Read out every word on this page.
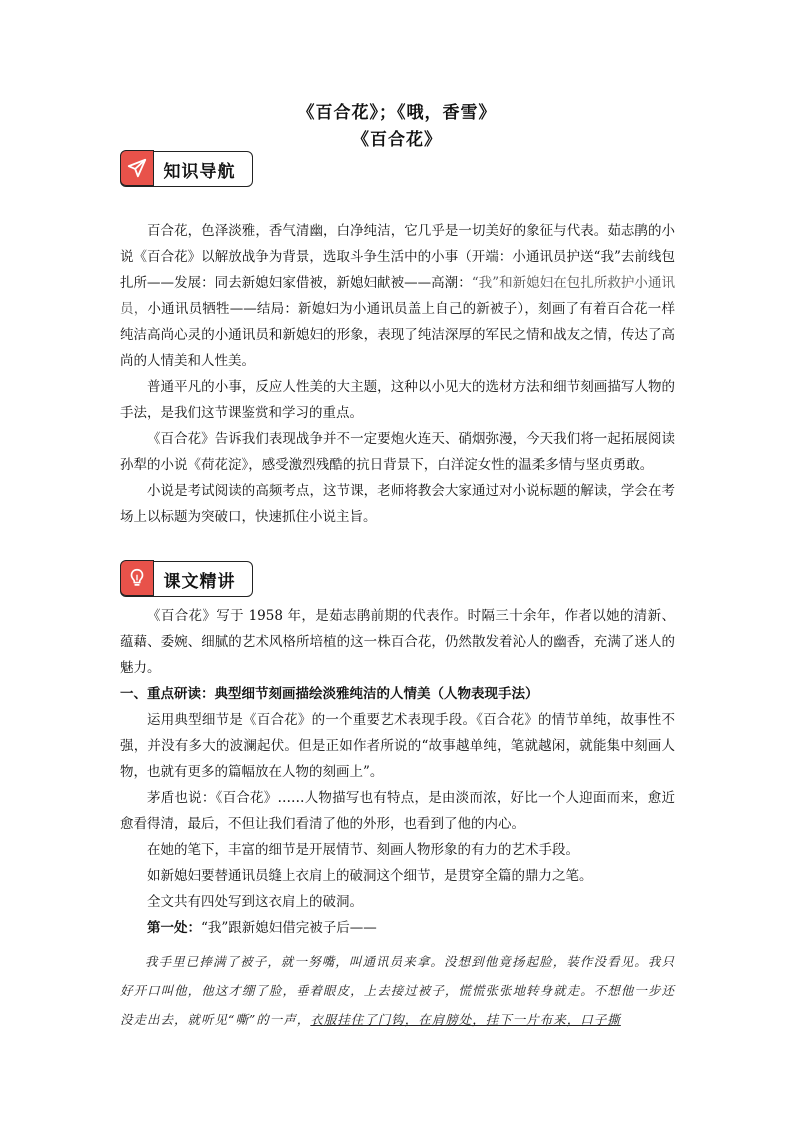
《百合花》；《哦，香雪》
《百合花》
知识导航

百合花，色泽淡雅，香气清幽，白净纯洁，它几乎是一切美好的象征与代表。茹志鹃的小说《百合花》以解放战争为背景，选取斗争生活中的小事（开端：小通讯员护送“我”去前线包扎所——发展：同去新媳妇家借被，新媳妇献被——高潮：“我”和新媳妇在包扎所救护小通讯员，小通讯员牺牲——结局：新媳妇为小通讯员盖上自己的新被子），刻画了有着百合花一样纯洁高尚心灵的小通讯员和新媳妇的形象，表现了纯洁深厚的军民之情和战友之情，传达了高尚的人情美和人性美。

普通平凡的小事，反应人性美的大主题，这种以小见大的选材方法和细节刻画描写人物的手法，是我们这节课鉴赏和学习的重点。

《百合花》告诉我们表现战争并不一定要炮火连天、硝烟弥漫，今天我们将一起拓展阅读孙犁的小说《荷花淀》，感受激烈残酷的抗日背景下，白洋淀女性的温柔多情与坚贞勇敢。

小说是考试阅读的高频考点，这节课，老师将教会大家通过对小说标题的解读，学会在考场上以标题为突破口，快速抓住小说主旨。

课文精讲

《百合花》写于 1958 年，是茹志鹃前期的代表作。时隔三十余年，作者以她的清新、蕴藉、委婉、细腻的艺术风格所培植的这一株百合花，仍然散发着沁人的幽香，充满了迷人的魅力。

一、重点研读：典型细节刻画描绘淡雅纯洁的人情美（人物表现手法）

运用典型细节是《百合花》的一个重要艺术表现手段。《百合花》的情节单纯，故事性不强，并没有多大的波澜起伏。但是正如作者所说的“故事越单纯，笔就越闲，就能集中刻画人物，也就有更多的篇幅放在人物的刻画上”。

茅盾也说：《百合花》……人物描写也有特点，是由淡而浓，好比一个人迎面而来，愈近愈看得清，最后，不但让我们看清了他的外形，也看到了他的内心。

在她的笔下，丰富的细节是开展情节、刻画人物形象的有力的艺术手段。

如新媳妇要替通讯员缝上衣肩上的破洞这个细节，是贯穿全篇的鼎力之笔。

全文共有四处写到这衣肩上的破洞。

第一处：“我”跟新媳妇借完被子后——

我手里已捧满了被子，就一努嘴，叫通讯员来拿。没想到他竟扬起脸，装作没看见。我只好开口叫他，他这才绷了脸，垂着眼皮，上去接过被子，慌慌张张地转身就走。不想他一步还没走出去，就听见“嘶”的一声，衣服挂住了门钩，在肩膀处，挂下一片布来，口子撕
